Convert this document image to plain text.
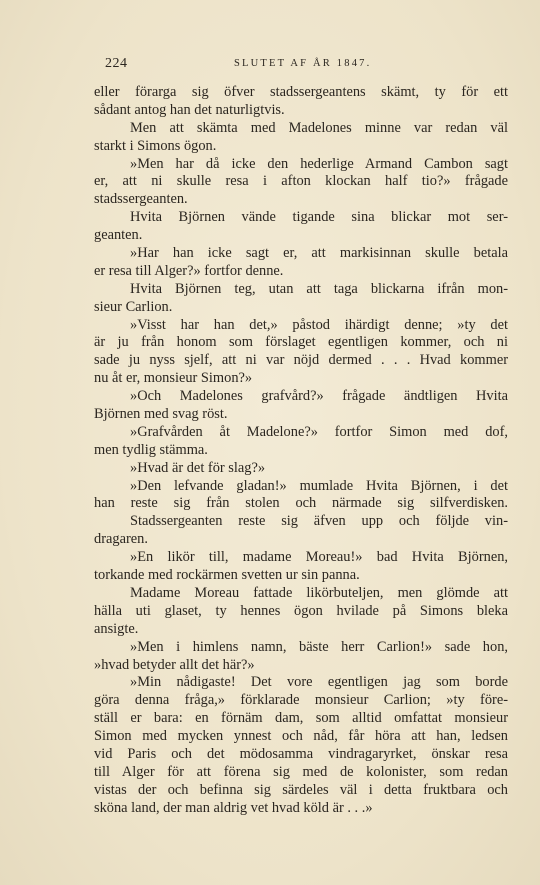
224	SLUTET AF ÅR 1847.
eller förarga sig öfver stadssergeantens skämt, ty för ett
sådant antog han det naturligtvis.
Men att skämta med Madelones minne var redan väl
starkt i Simons ögon.
»Men har då icke den hederlige Armand Cambon sagt
er, att ni skulle resa i afton klockan half tio?» frågade
stadssergeanten.
Hvita Björnen vände tigande sina blickar mot ser-
geanten.
»Har han icke sagt er, att markisinnan skulle betala
er resa till Alger?» fortfor denne.
Hvita Björnen teg, utan att taga blickarna ifrån mon-
sieur Carlion.
»Visst har han det,» påstod ihärdigt denne; »ty det
är ju från honom som förslaget egentligen kommer, och ni
sade ju nyss sjelf, att ni var nöjd dermed . . . Hvad kommer
nu åt er, monsieur Simon?»
»Och Madelones grafvård?» frågade ändtligen Hvita
Björnen med svag röst.
»Grafvården åt Madelone?» fortfor Simon med dof,
men tydlig stämma.
»Hvad är det för slag?»
»Den lefvande gladan!» mumlade Hvita Björnen, i det
han reste sig från stolen och närmade sig silfverdisken.
Stadssergeanten reste sig äfven upp och följde vin-
dragaren.
»En likör till, madame Moreau!» bad Hvita Björnen,
torkande med rockärmen svetten ur sin panna.
Madame Moreau fattade likörbuteljen, men glömde att
hälla uti glaset, ty hennes ögon hvilade på Simons bleka
ansigte.
»Men i himlens namn, bäste herr Carlion!» sade hon,
»hvad betyder allt det här?»
»Min nådigaste! Det vore egentligen jag som borde
göra denna fråga,» förklarade monsieur Carlion; »ty före-
ställ er bara: en förnäm dam, som alltid omfattat monsieur
Simon med mycken ynnest och nåd, får höra att han, ledsen
vid Paris och det mödosamma vindragaryrket, önskar resa
till Alger för att förena sig med de kolonister, som redan
vistas der och befinna sig särdeles väl i detta fruktbara och
sköna land, der man aldrig vet hvad köld är . . .»
